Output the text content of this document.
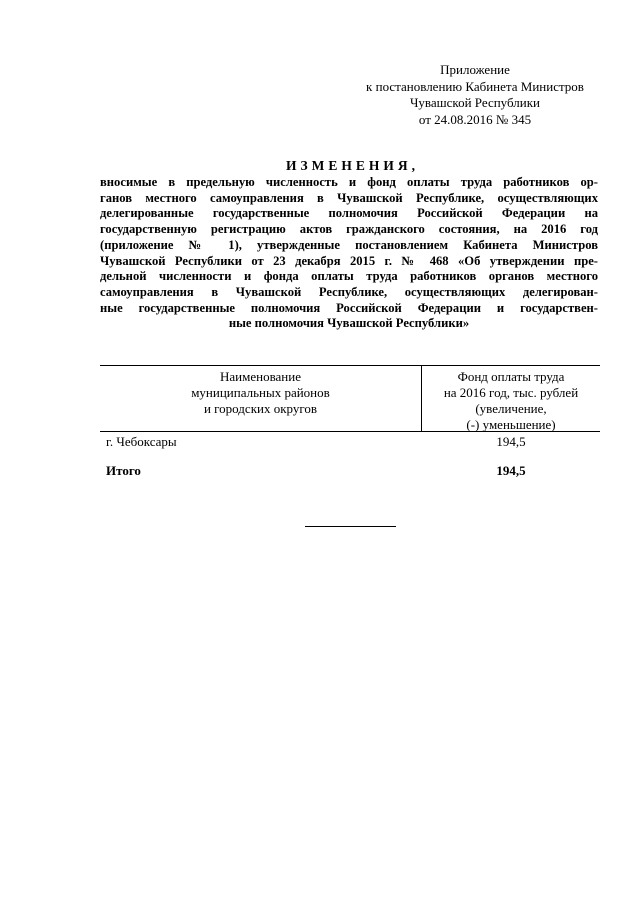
Приложение
к постановлению Кабинета Министров
Чувашской Республики
от 24.08.2016 № 345
ИЗМЕНЕНИЯ,
вносимые в предельную численность и фонд оплаты труда работников ор-
ганов местного самоуправления в Чувашской Республике, осуществляющих
делегированные государственные полномочия Российской Федерации на
государственную регистрацию актов гражданского состояния, на 2016 год
(приложение № 1), утвержденные постановлением Кабинета Министров
Чувашской Республики от 23 декабря 2015 г. № 468 «Об утверждении пре-
дельной численности и фонда оплаты труда работников органов местного
самоуправления в Чувашской Республике, осуществляющих делегирован-
ные государственные полномочия Российской Федерации и государствен-
ные полномочия Чувашской Республики»
Наименование
муниципальных районов
и городских округов
Фонд оплаты труда
на 2016 год, тыс. рублей
(увеличение,
(-) уменьшение)
г. Чебоксары	194,5
Итого	194,5
